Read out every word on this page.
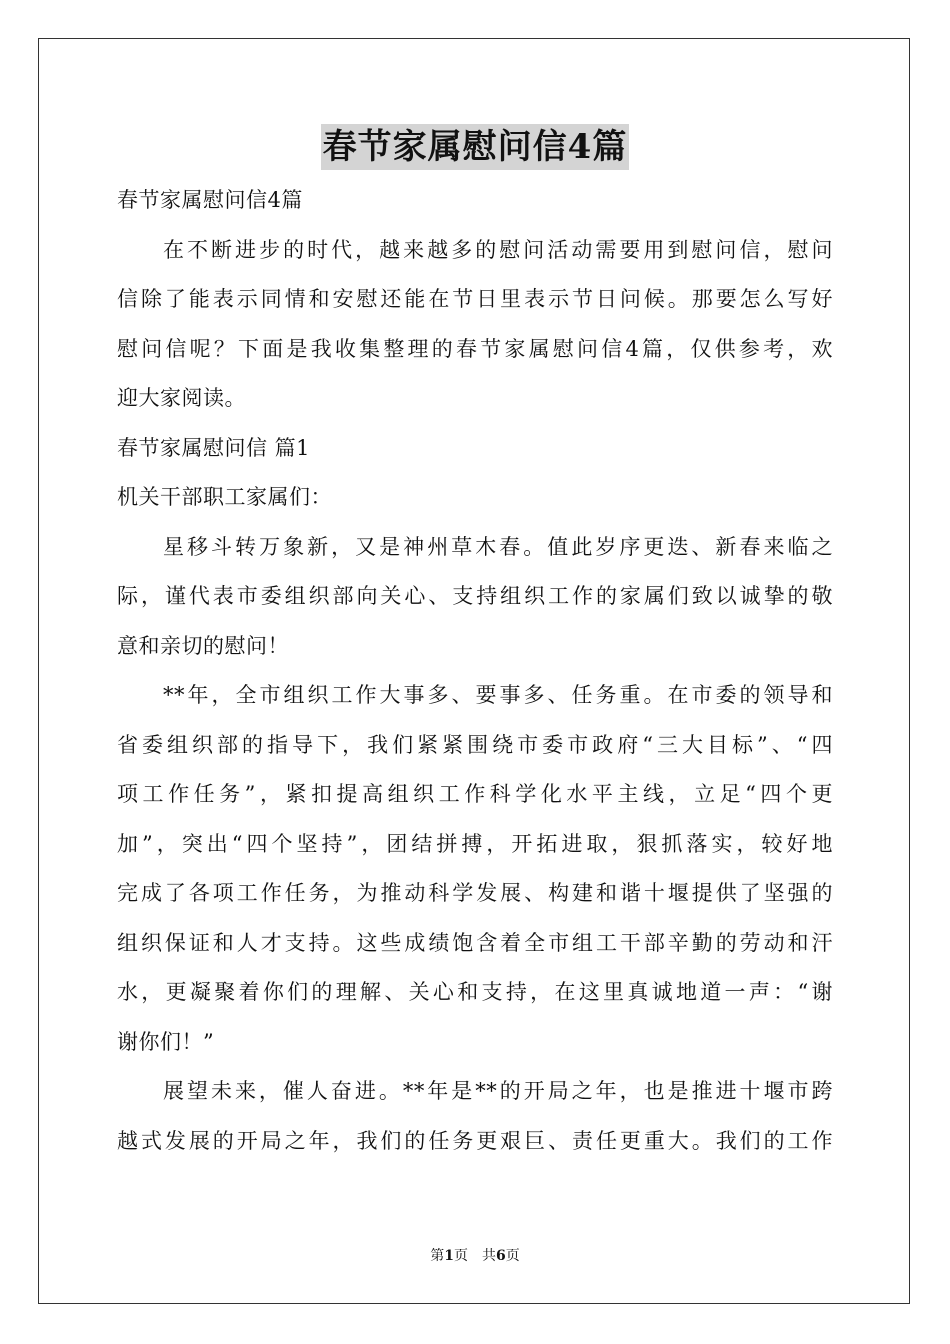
春节家属慰问信4篇
春节家属慰问信4篇
在不断进步的时代，越来越多的慰问活动需要用到慰问信，慰问
信除了能表示同情和安慰还能在节日里表示节日问候。那要怎么写好
慰问信呢？下面是我收集整理的春节家属慰问信4篇，仅供参考，欢
迎大家阅读。
春节家属慰问信 篇1
机关干部职工家属们：
星移斗转万象新，又是神州草木春。值此岁序更迭、新春来临之
际，谨代表市委组织部向关心、支持组织工作的家属们致以诚挚的敬
意和亲切的慰问！
**年，全市组织工作大事多、要事多、任务重。在市委的领导和
省委组织部的指导下，我们紧紧围绕市委市政府“三大目标”、“四
项工作任务”，紧扣提高组织工作科学化水平主线，立足“四个更
加”，突出“四个坚持”，团结拼搏，开拓进取，狠抓落实，较好地
完成了各项工作任务，为推动科学发展、构建和谐十堰提供了坚强的
组织保证和人才支持。这些成绩饱含着全市组工干部辛勤的劳动和汗
水，更凝聚着你们的理解、关心和支持，在这里真诚地道一声：“谢
谢你们！”
展望未来，催人奋进。**年是**的开局之年，也是推进十堰市跨
越式发展的开局之年，我们的任务更艰巨、责任更重大。我们的工作
第1页　共6页
